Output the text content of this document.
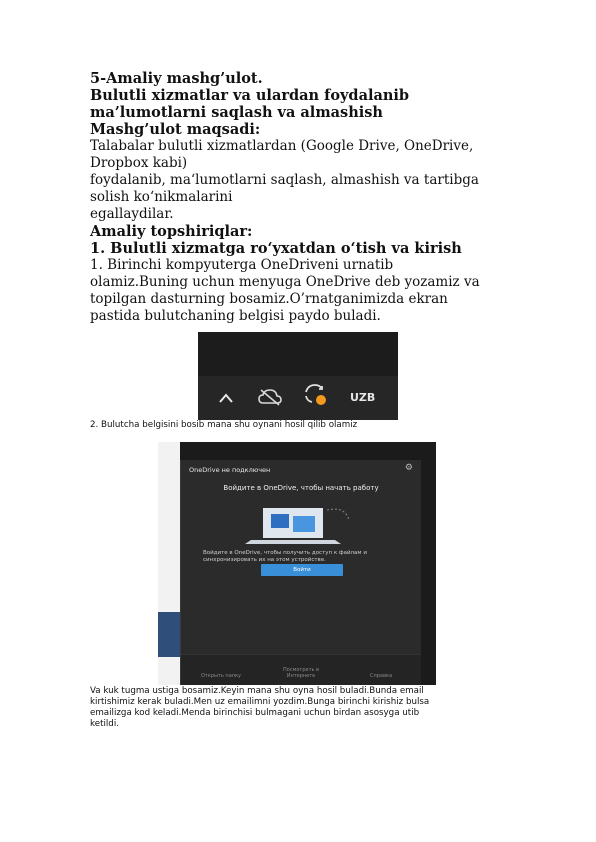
5-Amaliy mashg’ulot.

Bulutli xizmatlar va ulardan foydalanib

ma’lumotlarni saqlash va almashish

Mashg’ulot maqsadi:

Talabalar bulutli xizmatlardan (Google Drive, OneDrive,

Dropbox kabi)

foydalanib, maʻlumotlarni saqlash, almashish va tartibga

solish koʻnikmalarini

egallaydilar.

Amaliy topshiriqlar:

1. Bulutli xizmatga roʻyxatdan oʻtish va kirish

1. Birinchi kompyuterga OneDriveni urnatib

olamiz.Buning uchun menyuga OneDrive deb yozamiz va

topilgan dasturning bosamiz.O’rnatganimizda ekran

pastida bulutchaning belgisi paydo buladi.

UZB

2. Bulutcha belgisini bosib mana shu oynani hosil qilib olamiz

OneDrive не подключен	⚙
Войдите в OneDrive, чтобы начать работу
Войдите в OneDrive, чтобы получить доступ к файлам и синхронизировать их на этом устройстве.
Войти
Открыть папку
Посмотреть в Интернете	Справка

Va kuk tugma ustiga bosamiz.Keyin mana shu oyna hosil buladi.Bunda email

kirtishimiz kerak buladi.Men uz emailimni yozdim.Bunga birinchi kirishiz bulsa

emailizga kod keladi.Menda birinchisi bulmagani uchun birdan asosyga utib

ketildi.
